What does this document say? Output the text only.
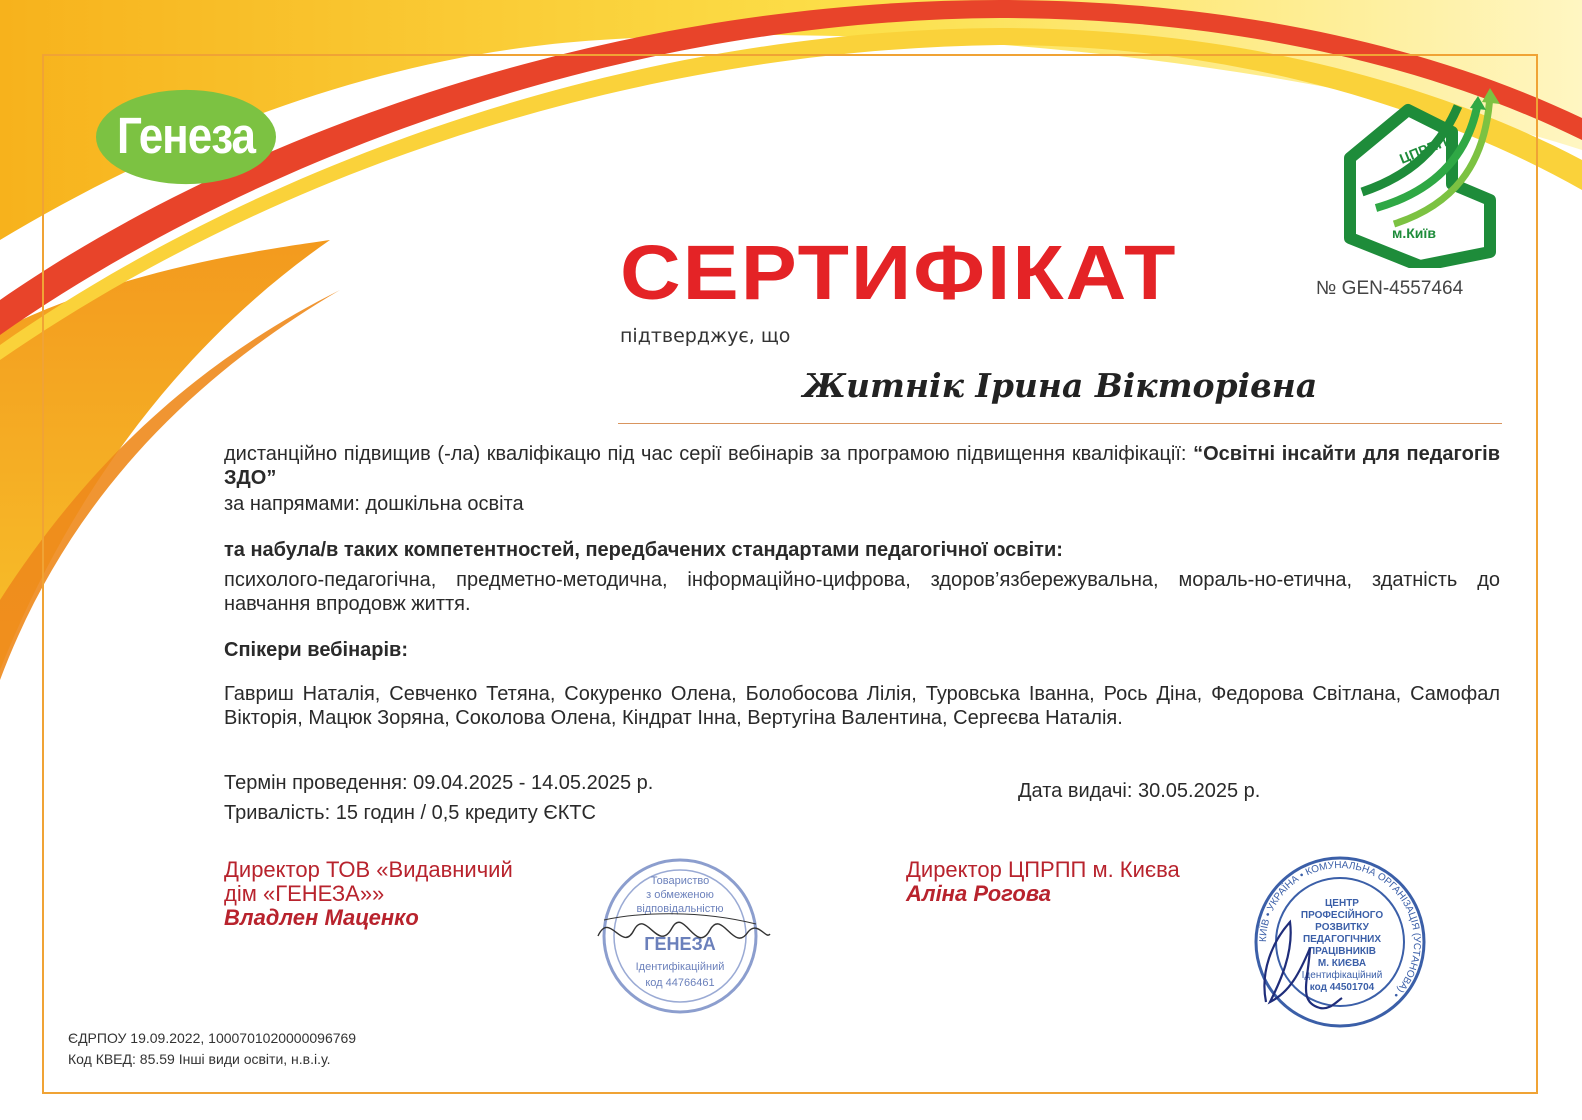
Генеза	ЦПРПП
м.Київ
СЕРТИФІКАТ	№ GEN-4557464
підтверджує, що
Житнік Ірина Вікторівна

дистанційно підвищив (-ла) кваліфікацю під час серії вебінарів за програмою підвищення кваліфікації: “Освітні інсайти для педагогів ЗДО”

за напрямами: дошкільна освіта

та набула/в таких компетентностей, передбачених стандартами педагогічної освіти:

психолого-педагогічна, предметно-методична, інформаційно-цифрова, здоров’язбережувальна, мораль-но-етична, здатність до навчання впродовж життя.

Спікери вебінарів:

Гавриш Наталія, Севченко Тетяна, Сокуренко Олена, Болобосова Лілія, Туровська Іванна, Рось Діна, Федорова Світлана, Самофал Вікторія, Мацюк Зоряна, Соколова Олена, Кіндрат Інна, Вертугіна Валентина, Сергеєва Наталія.

Термін проведення: 09.04.2025 - 14.05.2025 р.
Тривалість: 15 годин / 0,5 кредиту ЄКТС
Дата видачі: 30.05.2025 р.
Директор ТОВ «Видавничий
дім «ГЕНЕЗА»»
Владлен Маценко
Директор ЦПРПП м. Києва
Аліна Рогова
Товариство
з обмеженою
відповідальністю
ГЕНЕЗА
Ідентифікаційний
код 44766461
КИЇВ • УКРАЇНА • КОМУНАЛЬНА ОРГАНІЗАЦІЯ (УСТАНОВА) •
ЦЕНТР
ПРОФЕСІЙНОГО
РОЗВИТКУ
ПЕДАГОГІЧНИХ
ПРАЦІВНИКІВ
М. КИЄВА
Ідентифікаційний
код 44501704
ЄДРПОУ 19.09.2022, 1000701020000096769
Код КВЕД: 85.59 Інші види освіти, н.в.і.у.
